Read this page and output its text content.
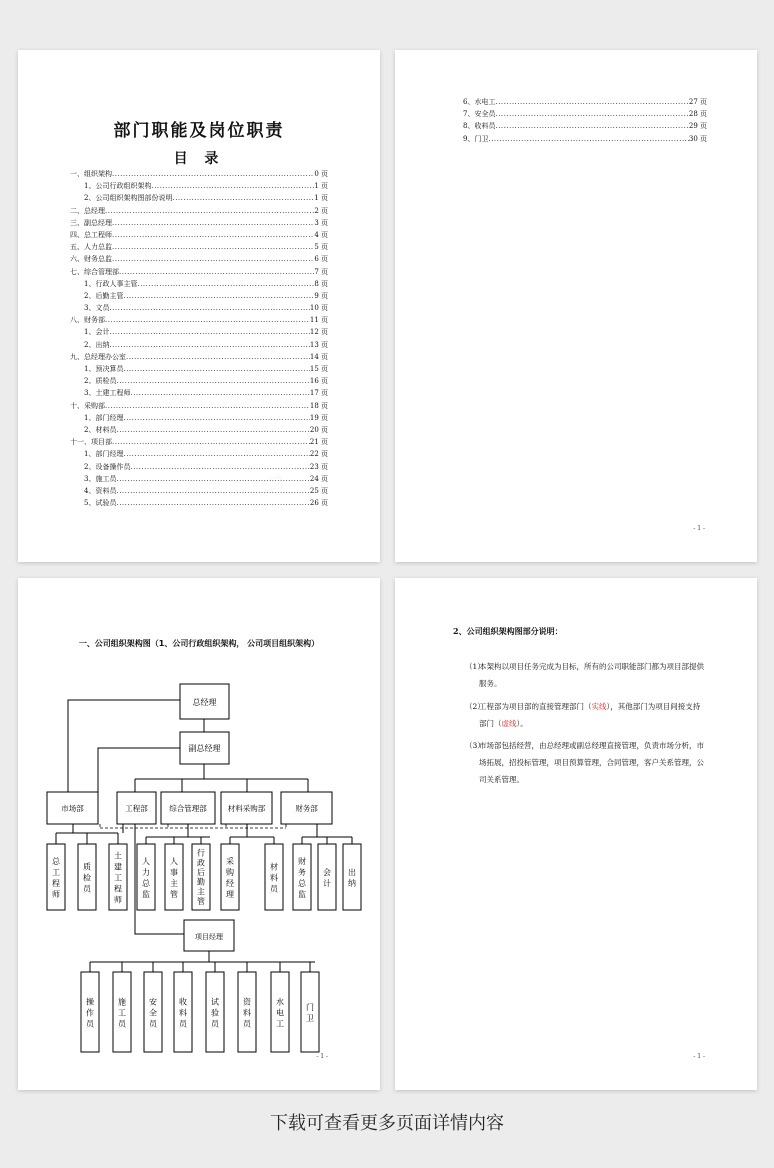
部门职能及岗位职责
目 录
一、组织架构 .....	0 页
1、公司行政组织架构 .....	1 页
2、公司组织架构图部份说明 .....	1 页
二、总经理 .....	2 页
三、副总经理 .....	3 页
四、总工程师 .....	4 页
五、人力总监 .....	5 页
六、财务总监 .....	6 页
七、综合管理部 .....	7 页
1、行政人事主管 .....	8 页
2、后勤主管 .....	9 页
3、文员 .....	10 页
八、财务部 .....	11 页
1、会计 .....	12 页
2、出纳 .....	13 页
九、总经理办公室 .....	14 页
1、预决算员 .....	15 页
2、质检员 .....	16 页
3、土建工程师 .....	17 页
十、采购部 .....	18 页
1、部门经理 .....	19 页
2、材料员 .....	20 页
十一、项目部 .....	21 页
1、部门经理 .....	22 页
2、设备操作员 .....	23 页
3、施工员 .....	24 页
4、资料员 .....	25 页
5、试验员 .....	26 页
6、水电工 .....	27 页
7、安全员 .....	28 页
8、收料员 .....	29 页
9、门卫 .....	30 页
- 1 -
一、公司组织架构图（1、公司行政组织架构， 公司项目组织架构）
总经理
副总经理
项目经理
市场部	工程部	综合管理部	材料采购部	财务部
总工程师
质检员
土建工程师
人力总监
人事主管
行政后勤主管
采购经理
材料员
财务总监
会计
出纳
操作员
施工员
安全员
收料员
试验员
资料员
水电工
门卫
- 1 -
2、公司组织架构图部分说明：

（1）本架构以项目任务完成为目标，所有的公司职能部门都为项目部提供服务。

（2）工程部为项目部的直接管理部门（实线），其他部门为项目间接支持部门（虚线）。

（3）市场部包括经营，由总经理或副总经理直接管理，负责市场分析，市场拓展，招投标管理，项目预算管理，合同管理，客户关系管理，公司关系管理。

- 1 -

下载可查看更多页面详情内容
